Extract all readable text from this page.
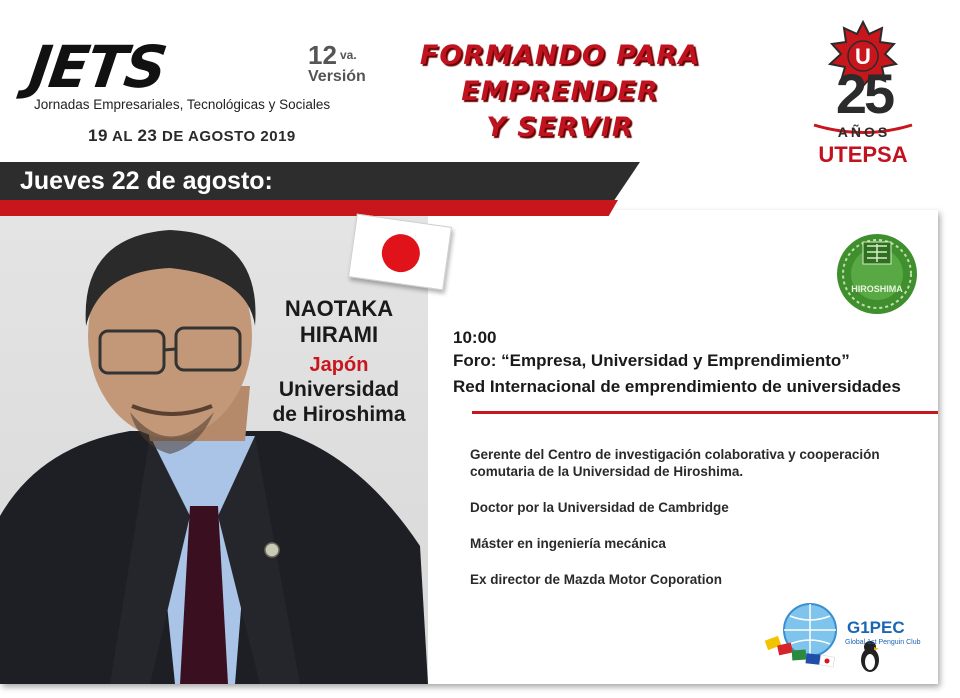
JETS
Jornadas Empresariales, Tecnológicas y Sociales
19 AL 23 DE AGOSTO 2019
12 va.
Versión
FORMANDO PARA
EMPRENDER
Y SERVIR
U
25
AÑOS
UTEPSA
Jueves 22 de agosto:
NAOTAKA
HIRAMI
Japón
Universidad
de Hiroshima
10:00
Foro: “Empresa, Universidad y Emprendimiento”
Red Internacional de emprendimiento de universidades

Gerente del Centro de investigación colaborativa y cooperación comutaria de la Universidad de Hiroshima.

Doctor por la Universidad de Cambridge

Máster en ingeniería mecánica

Ex director de Mazda Motor Coporation

HIROSHIMA
G1PEC
Global 1st Penguin Club
